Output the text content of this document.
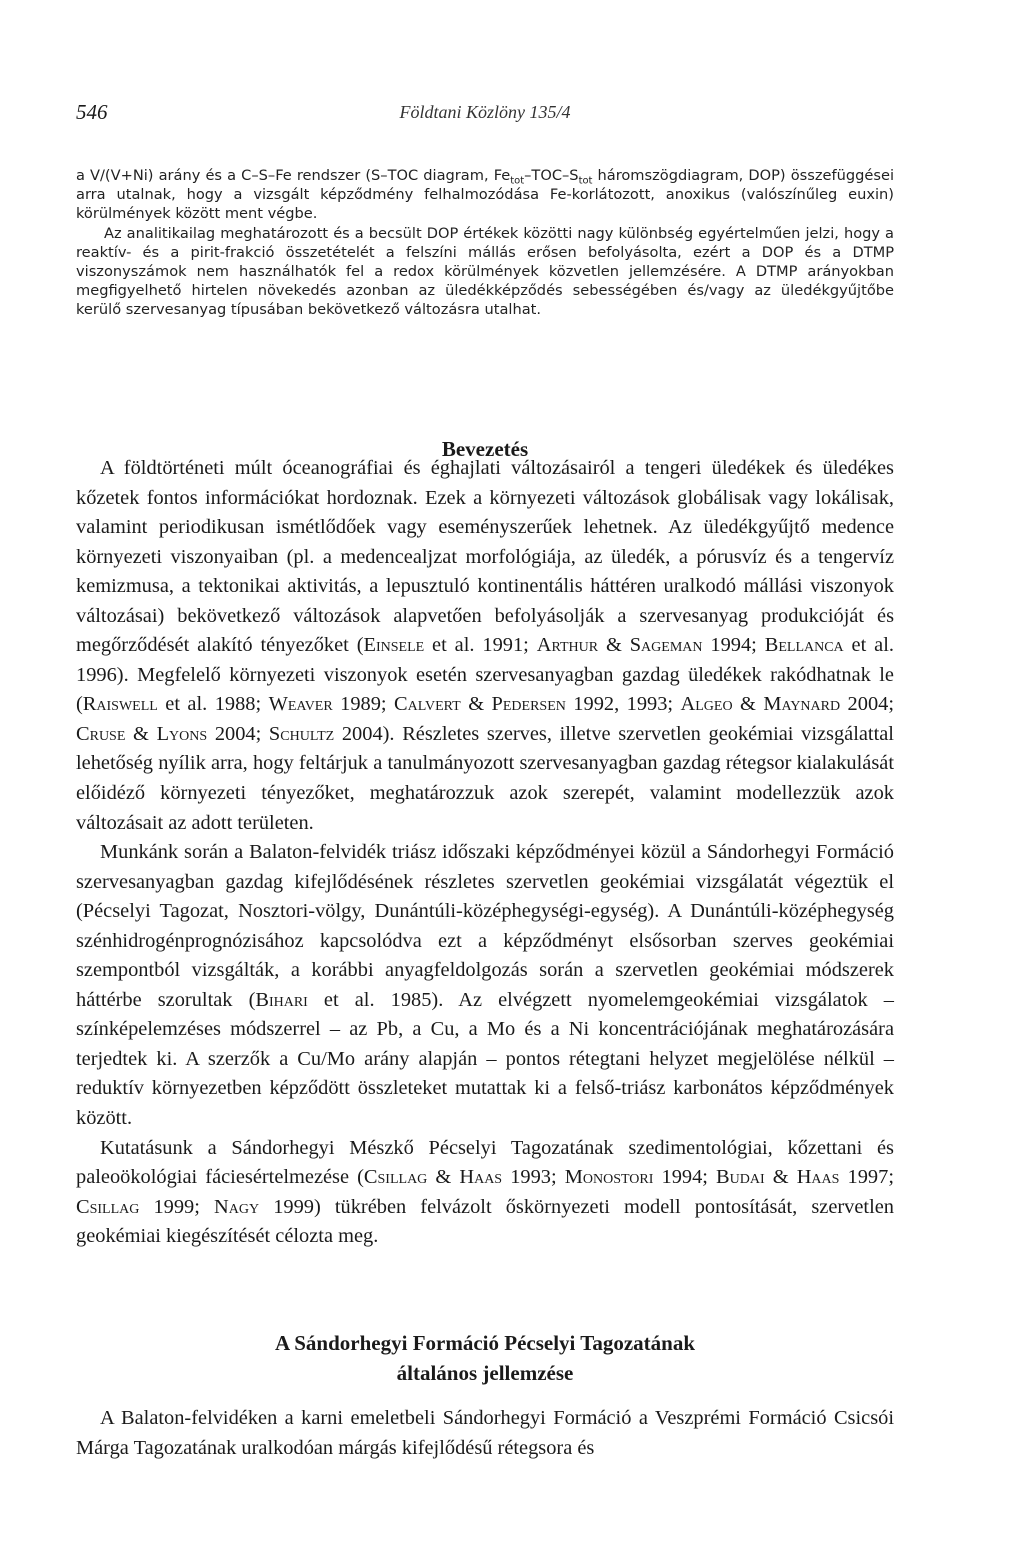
546	Földtani Közlöny 135/4

a V/(V+Ni) arány és a C–S–Fe rendszer (S–TOC diagram, $Fe_{tot}-TOC-S_{tot}$ háromszögdiagram, DOP) összefüggései arra utalnak, hogy a vizsgált képződmény felhalmozódása Fe-korlátozott, anoxikus (valószínűleg euxin) körülmények között ment végbe.

Az analitikailag meghatározott és a becsült DOP értékek közötti nagy különbség egyértelműen jelzi, hogy a reaktív- és a pirit-frakció összetételét a felszíni mállás erősen befolyásolta, ezért a DOP és a DTMP viszonyszámok nem használhatók fel a redox körülmények közvetlen jellemzésére. A DTMP arányokban megfigyelhető hirtelen növekedés azonban az üledékképződés sebességében és/vagy az üledékgyűjtőbe kerülő szervesanyag típusában bekövetkező változásra utalhat.

Bevezetés

A földtörténeti múlt óceanográfiai és éghajlati változásairól a tengeri üledékek és üledékes kőzetek fontos információkat hordoznak. Ezek a környezeti változások globálisak vagy lokálisak, valamint periodikusan ismétlődőek vagy eseményszerűek lehetnek. Az üledékgyűjtő medence környezeti viszonyaiban (pl. a medencealjzat morfológiája, az üledék, a pórusvíz és a tengervíz kemizmusa, a tektonikai aktivitás, a lepusztuló kontinentális háttéren uralkodó mállási viszonyok változásai) bekövetkező változások alapvetően befolyásolják a szervesanyag produkcióját és megőrződését alakító tényezőket (Einsele et al. 1991; Arthur & Sageman 1994; Bellanca et al. 1996). Megfelelő környezeti viszonyok esetén szervesanyagban gazdag üledékek rakódhatnak le (Raiswell et al. 1988; Weaver 1989; Calvert & Pedersen 1992, 1993; Algeo & Maynard 2004; Cruse & Lyons 2004; Schultz 2004). Részletes szerves, illetve szervetlen geokémiai vizsgálattal lehetőség nyílik arra, hogy feltárjuk a tanulmányozott szervesanyagban gazdag rétegsor kialakulását előidéző környezeti tényezőket, meghatározzuk azok szerepét, valamint modellezzük azok változásait az adott területen.

Munkánk során a Balaton-felvidék triász időszaki képződményei közül a Sándorhegyi Formáció szervesanyagban gazdag kifejlődésének részletes szervetlen geokémiai vizsgálatát végeztük el (Pécselyi Tagozat, Nosztori-völgy, Dunántúli-középhegységi-egység). A Dunántúli-középhegység szénhidrogénprognózisához kapcsolódva ezt a képződményt elsősorban szerves geokémiai szempontból vizsgálták, a korábbi anyagfeldolgozás során a szervetlen geokémiai módszerek háttérbe szorultak (Bihari et al. 1985). Az elvégzett nyomelemgeokémiai vizsgálatok – színképelemzéses módszerrel – az Pb, a Cu, a Mo és a Ni koncentrációjának meghatározására terjedtek ki. A szerzők a Cu/Mo arány alapján – pontos rétegtani helyzet megjelölése nélkül – reduktív környezetben képződött összleteket mutattak ki a felső-triász karbonátos képződmények között.

Kutatásunk a Sándorhegyi Mészkő Pécselyi Tagozatának szedimentológiai, kőzettani és paleoökológiai fáciesértelmezése (Csillag & Haas 1993; Monostori 1994; Budai & Haas 1997; Csillag 1999; Nagy 1999) tükrében felvázolt őskörnyezeti modell pontosítását, szervetlen geokémiai kiegészítését célozta meg.

A Sándorhegyi Formáció Pécselyi Tagozatának
általános jellemzése

A Balaton-felvidéken a karni emeletbeli Sándorhegyi Formáció a Veszprémi Formáció Csicsói Márga Tagozatának uralkodóan márgás kifejlődésű rétegsora és
